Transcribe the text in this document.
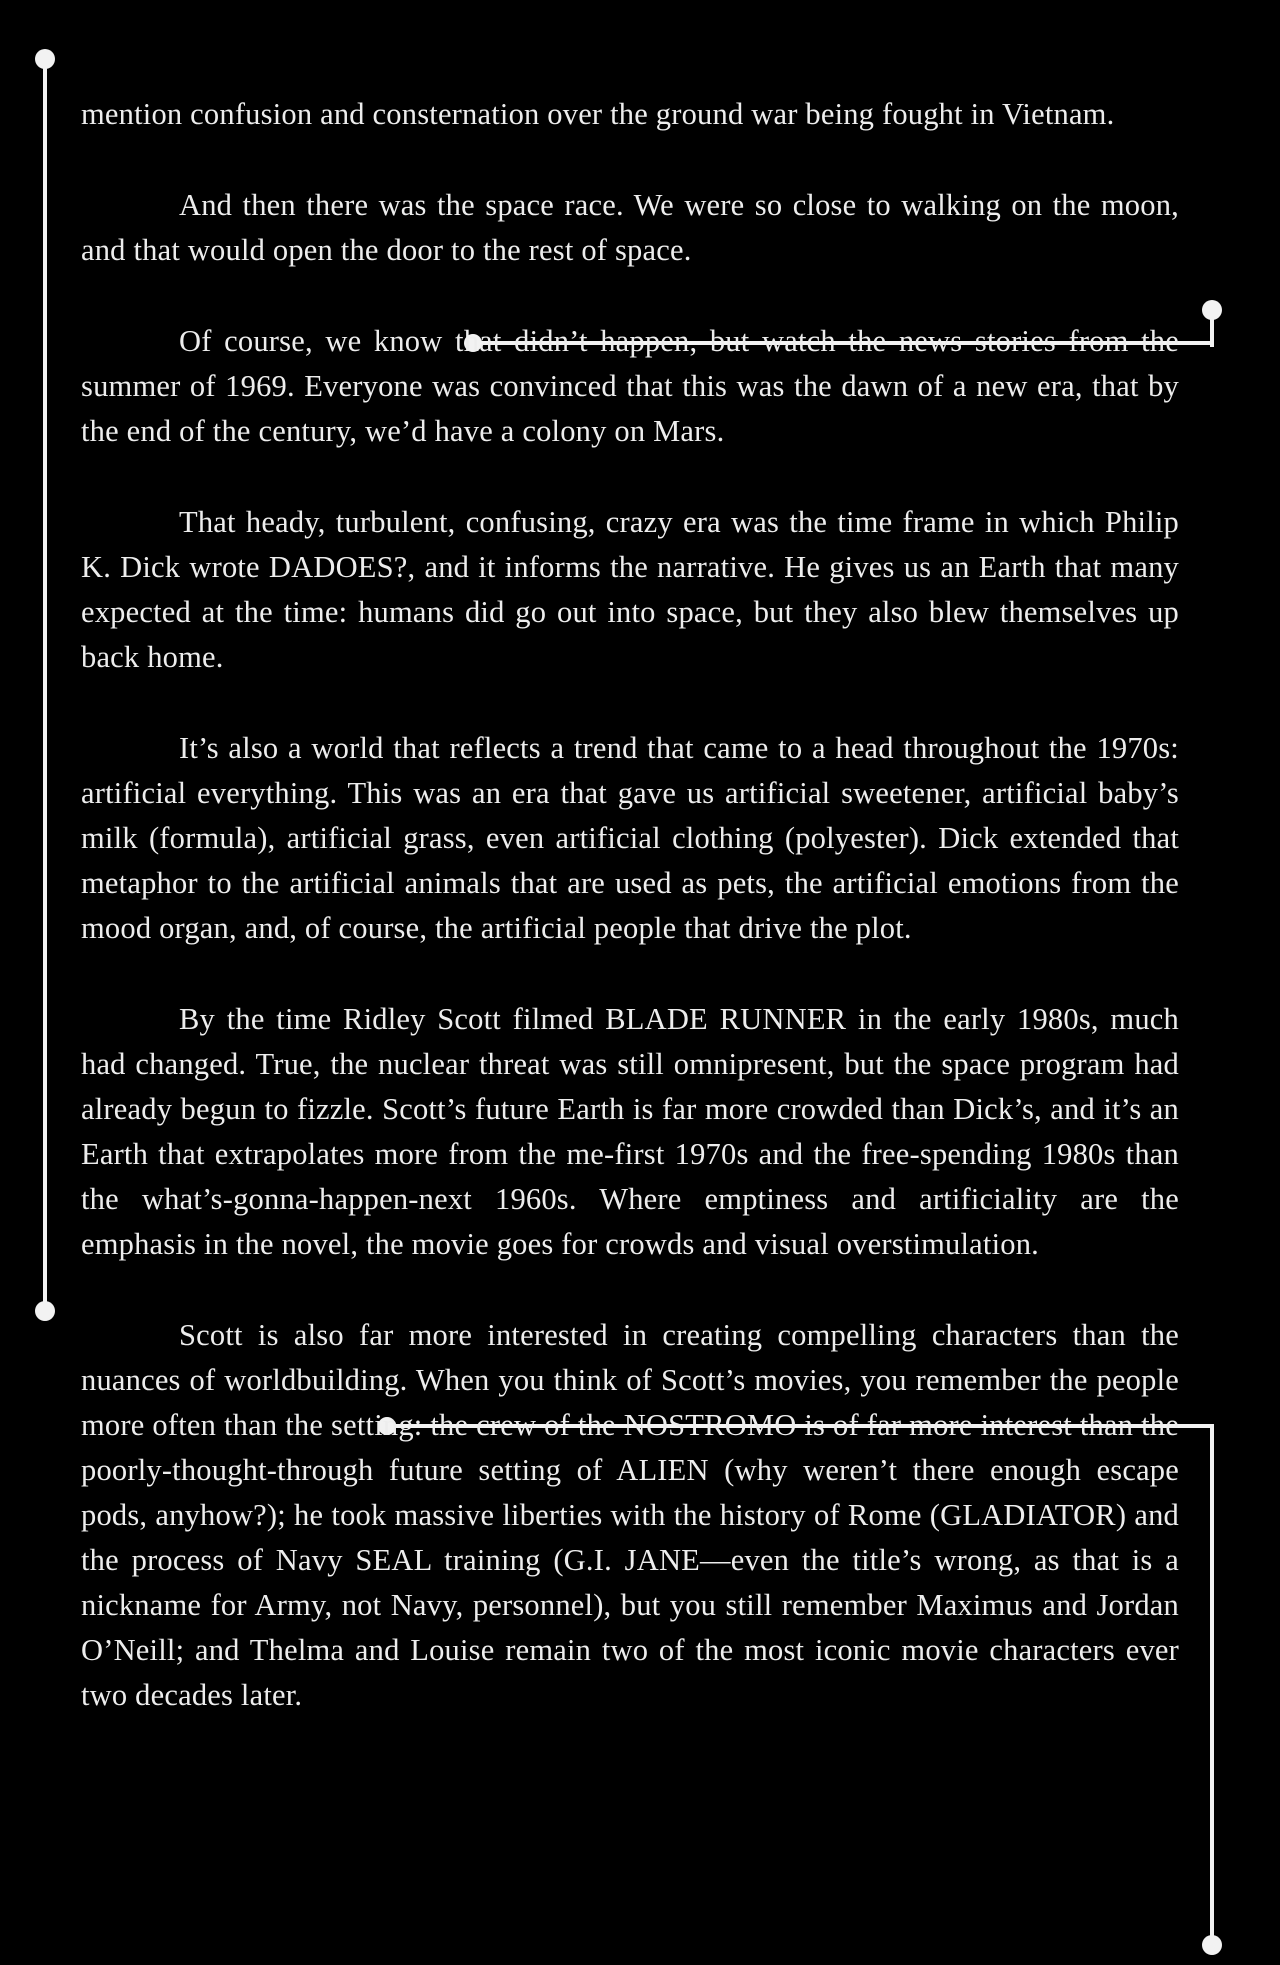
mention confusion and consternation over the ground war being fought in Vietnam.

And then there was the space race. We were so close to walking on the moon, and that would open the door to the rest of space.

Of course, we know that didn’t happen, but watch the news stories from the summer of 1969. Everyone was convinced that this was the dawn of a new era, that by the end of the century, we’d have a colony on Mars.

That heady, turbulent, confusing, crazy era was the time frame in which Philip K. Dick wrote DADOES?, and it informs the narrative. He gives us an Earth that many expected at the time: humans did go out into space, but they also blew themselves up back home.

It’s also a world that reflects a trend that came to a head throughout the 1970s: artificial everything. This was an era that gave us artificial sweetener, artificial baby’s milk (formula), artificial grass, even artificial clothing (polyester). Dick extended that metaphor to the artificial animals that are used as pets, the artificial emotions from the mood organ, and, of course, the artificial people that drive the plot.

By the time Ridley Scott filmed BLADE RUNNER in the early 1980s, much had changed. True, the nuclear threat was still omnipresent, but the space program had already begun to fizzle. Scott’s future Earth is far more crowded than Dick’s, and it’s an Earth that extrapolates more from the me-first 1970s and the free-spending 1980s than the what’s-gonna-happen-next 1960s. Where emptiness and artificiality are the emphasis in the novel, the movie goes for crowds and visual overstimulation.

Scott is also far more interested in creating compelling characters than the nuances of worldbuilding. When you think of Scott’s movies, you remember the people more often than the setting: the crew of the NOSTROMO is of far more interest than the poorly-thought-through future setting of ALIEN (why weren’t there enough escape pods, anyhow?); he took massive liberties with the history of Rome (GLADIATOR) and the process of Navy SEAL training (G.I. JANE—even the title’s wrong, as that is a nickname for Army, not Navy, personnel), but you still remember Maximus and Jordan O’Neill; and Thelma and Louise remain two of the most iconic movie characters ever two decades later.
